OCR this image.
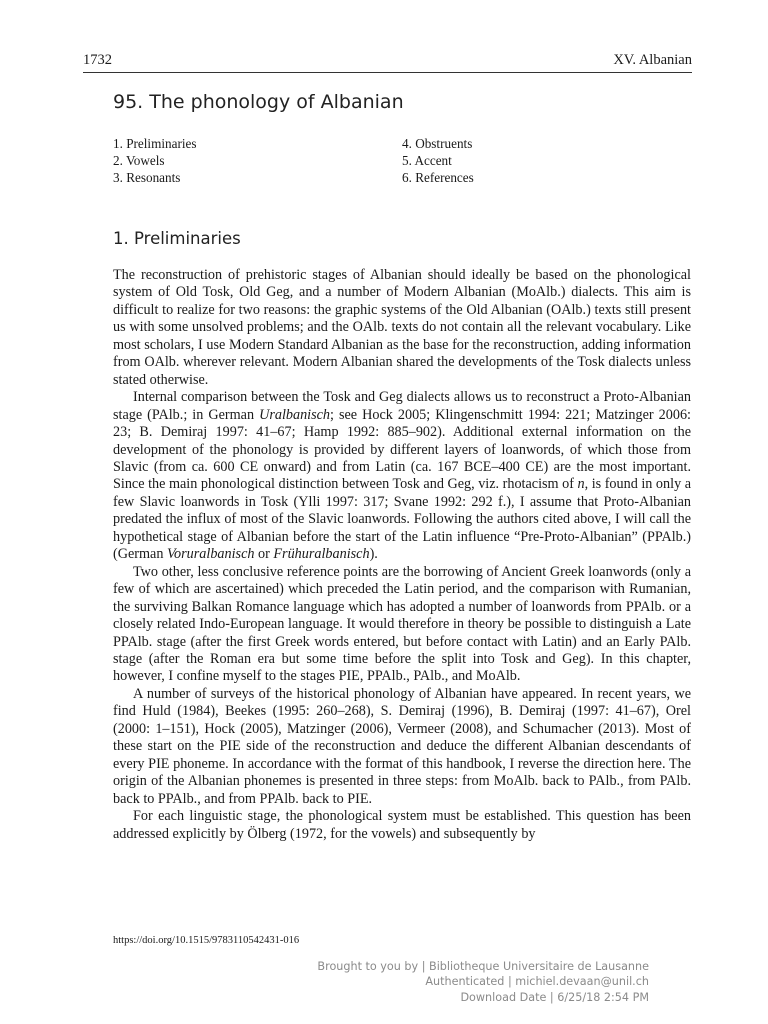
1732	XV. Albanian
95. The phonology of Albanian
1. Preliminaries
2. Vowels
3. Resonants
4. Obstruents
5. Accent
6. References
1. Preliminaries

The reconstruction of prehistoric stages of Albanian should ideally be based on the phonological system of Old Tosk, Old Geg, and a number of Modern Albanian (MoAlb.) dialects. This aim is difficult to realize for two reasons: the graphic systems of the Old Albanian (OAlb.) texts still present us with some unsolved problems; and the OAlb. texts do not contain all the relevant vocabulary. Like most scholars, I use Modern Standard Albanian as the base for the reconstruction, adding information from OAlb. wherever relevant. Modern Albanian shared the developments of the Tosk dialects unless stated otherwise.

Internal comparison between the Tosk and Geg dialects allows us to reconstruct a Proto-Albanian stage (PAlb.; in German Uralbanisch; see Hock 2005; Klingenschmitt 1994: 221; Matzinger 2006: 23; B. Demiraj 1997: 41–67; Hamp 1992: 885–902). Additional external information on the development of the phonology is provided by different layers of loanwords, of which those from Slavic (from ca. 600 CE onward) and from Latin (ca. 167 BCE–400 CE) are the most important. Since the main phonological distinction between Tosk and Geg, viz. rhotacism of n, is found in only a few Slavic loanwords in Tosk (Ylli 1997: 317; Svane 1992: 292 f.), I assume that Proto-Albanian predated the influx of most of the Slavic loanwords. Following the authors cited above, I will call the hypothetical stage of Albanian before the start of the Latin influence “Pre-Proto-Albanian” (PPAlb.) (German Voruralbanisch or Frühuralbanisch).

Two other, less conclusive reference points are the borrowing of Ancient Greek loanwords (only a few of which are ascertained) which preceded the Latin period, and the comparison with Rumanian, the surviving Balkan Romance language which has adopted a number of loanwords from PPAlb. or a closely related Indo-European language. It would therefore in theory be possible to distinguish a Late PPAlb. stage (after the first Greek words entered, but before contact with Latin) and an Early PAlb. stage (after the Roman era but some time before the split into Tosk and Geg). In this chapter, however, I confine myself to the stages PIE, PPAlb., PAlb., and MoAlb.

A number of surveys of the historical phonology of Albanian have appeared. In recent years, we find Huld (1984), Beekes (1995: 260–268), S. Demiraj (1996), B. Demiraj (1997: 41–67), Orel (2000: 1–151), Hock (2005), Matzinger (2006), Vermeer (2008), and Schumacher (2013). Most of these start on the PIE side of the reconstruction and deduce the different Albanian descendants of every PIE phoneme. In accordance with the format of this handbook, I reverse the direction here. The origin of the Albanian phonemes is presented in three steps: from MoAlb. back to PAlb., from PAlb. back to PPAlb., and from PPAlb. back to PIE.

For each linguistic stage, the phonological system must be established. This question has been addressed explicitly by Ölberg (1972, for the vowels) and subsequently by

https://doi.org/10.1515/9783110542431-016
Brought to you by | Bibliotheque Universitaire de Lausanne
Authenticated | michiel.devaan@unil.ch
Download Date | 6/25/18 2:54 PM
